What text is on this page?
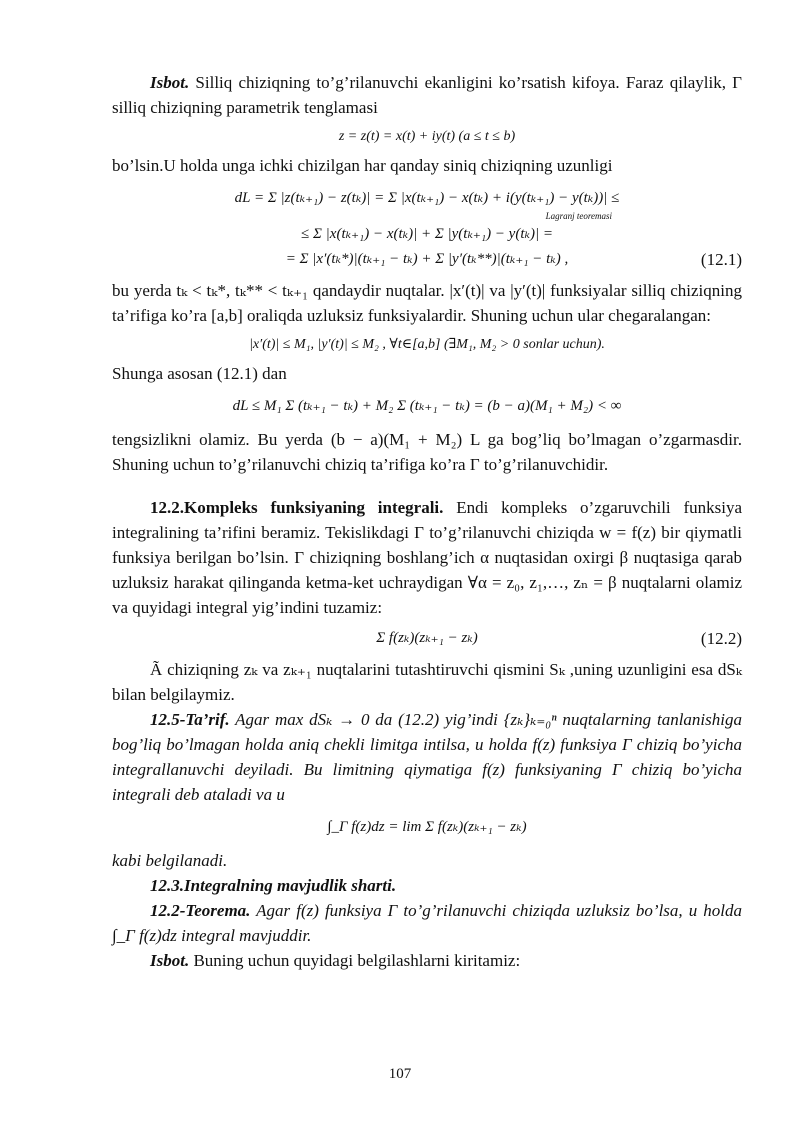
Isbot. Silliq chiziqning to’g’rilanuvchi ekanligini ko’rsatish kifoya. Faraz qilaylik, Γ silliq chiziqning parametrik tenglamasi

z = z(t) = x(t) + iy(t) (a ≤ t ≤ b)

bo’lsin.U holda unga ichki chizilgan har qanday siniq chiziqning uzunligi

dL = Σ |z(tₖ₊₁) − z(tₖ)| = Σ |x(tₖ₊₁) − x(tₖ) + i(y(tₖ₊₁) − y(tₖ))| ≤
Lagranj teoremasi
≤ Σ |x(tₖ₊₁) − x(tₖ)| + Σ |y(tₖ₊₁) − y(tₖ)| =
= Σ |x′(tₖ*)|(tₖ₊₁ − tₖ) + Σ |y′(tₖ**)|(tₖ₊₁ − tₖ) ,	(12.1)

bu yerda tₖ < tₖ*, tₖ** < tₖ₊₁ qandaydir nuqtalar. |x′(t)| va |y′(t)| funksiyalar silliq chiziqning ta’rifiga ko’ra [a,b] oraliqda uzluksiz funksiyalardir. Shuning uchun ular chegaralangan:

|x′(t)| ≤ M₁, |y′(t)| ≤ M₂ , ∀t∈[a,b] (∃M₁, M₂ > 0 sonlar uchun).

Shunga asosan (12.1) dan

dL ≤ M₁ Σ (tₖ₊₁ − tₖ) + M₂ Σ (tₖ₊₁ − tₖ) = (b − a)(M₁ + M₂) < ∞

tengsizlikni olamiz. Bu yerda (b − a)(M₁ + M₂) L ga bog’liq bo’lmagan o’zgarmasdir. Shuning uchun to’g’rilanuvchi chiziq ta’rifiga ko’ra Γ to’g’rilanuvchidir.

12.2.Kompleks funksiyaning integrali. Endi kompleks o’zgaruvchili funksiya integralining ta’rifini beramiz. Tekislikdagi Γ to’g’rilanuvchi chiziqda w = f(z) bir qiymatli funksiya berilgan bo’lsin. Γ chiziqning boshlang’ich α nuqtasidan oxirgi β nuqtasiga qarab uzluksiz harakat qilinganda ketma-ket uchraydigan ∀α = z₀, z₁,…, zₙ = β nuqtalarni olamiz va quyidagi integral yig’indini tuzamiz:

Σ f(zₖ)(zₖ₊₁ − zₖ)	(12.2)

Ã chiziqning zₖ va zₖ₊₁ nuqtalarini tutashtiruvchi qismini Sₖ ,uning uzunligini esa dSₖ bilan belgilaymiz.

12.5-Ta’rif. Agar max dSₖ → 0 da (12.2) yig’indi {zₖ}ₖ₌₀ⁿ nuqtalarning tanlanishiga bog’liq bo’lmagan holda aniq chekli limitga intilsa, u holda f(z) funksiya Γ chiziq bo’yicha integrallanuvchi deyiladi. Bu limitning qiymatiga f(z) funksiyaning Γ chiziq bo’yicha integrali deb ataladi va u

∫_Γ f(z)dz = lim Σ f(zₖ)(zₖ₊₁ − zₖ)

kabi belgilanadi.

12.3.Integralning mavjudlik sharti.

12.2-Teorema. Agar f(z) funksiya Γ to’g’rilanuvchi chiziqda uzluksiz bo’lsa, u holda ∫_Γ f(z)dz integral mavjuddir.

Isbot. Buning uchun quyidagi belgilashlarni kiritamiz:

107
